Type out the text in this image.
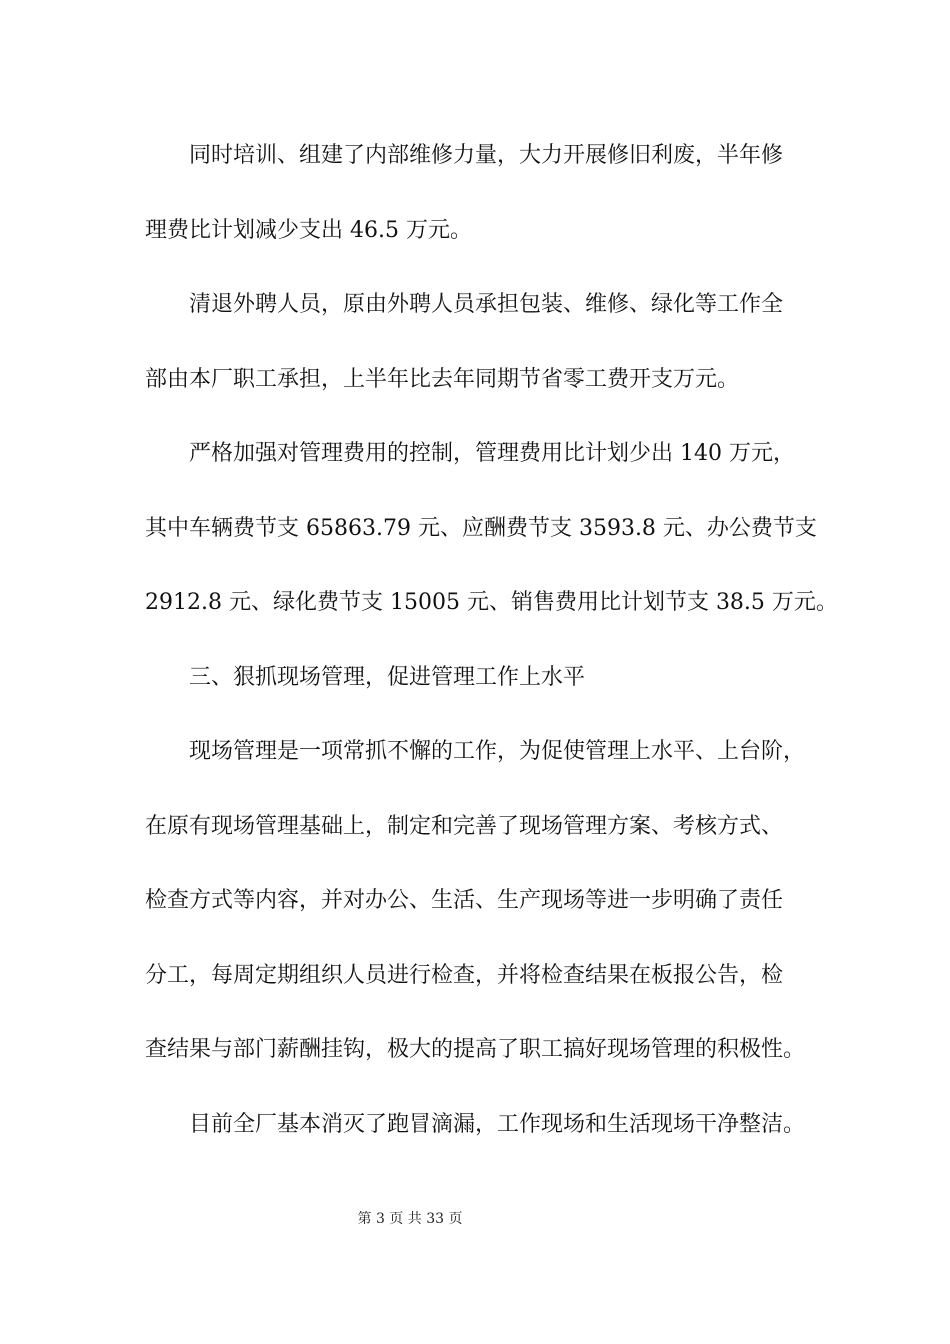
同时培训、组建了内部维修力量，大力开展修旧利废，半年修
理费比计划减少支出 46.5 万元。
清退外聘人员，原由外聘人员承担包装、维修、绿化等工作全
部由本厂职工承担，上半年比去年同期节省零工费开支万元。
严格加强对管理费用的控制，管理费用比计划少出 140 万元，
其中车辆费节支 65863.79 元、应酬费节支 3593.8 元、办公费节支
2912.8 元、绿化费节支 15005 元、销售费用比计划节支 38.5 万元。
三、狠抓现场管理，促进管理工作上水平
现场管理是一项常抓不懈的工作，为促使管理上水平、上台阶，
在原有现场管理基础上，制定和完善了现场管理方案、考核方式、
检查方式等内容，并对办公、生活、生产现场等进一步明确了责任
分工，每周定期组织人员进行检查，并将检查结果在板报公告，检
查结果与部门薪酬挂钩，极大的提高了职工搞好现场管理的积极性。
目前全厂基本消灭了跑冒滴漏，工作现场和生活现场干净整洁。
第 3 页 共 33 页
